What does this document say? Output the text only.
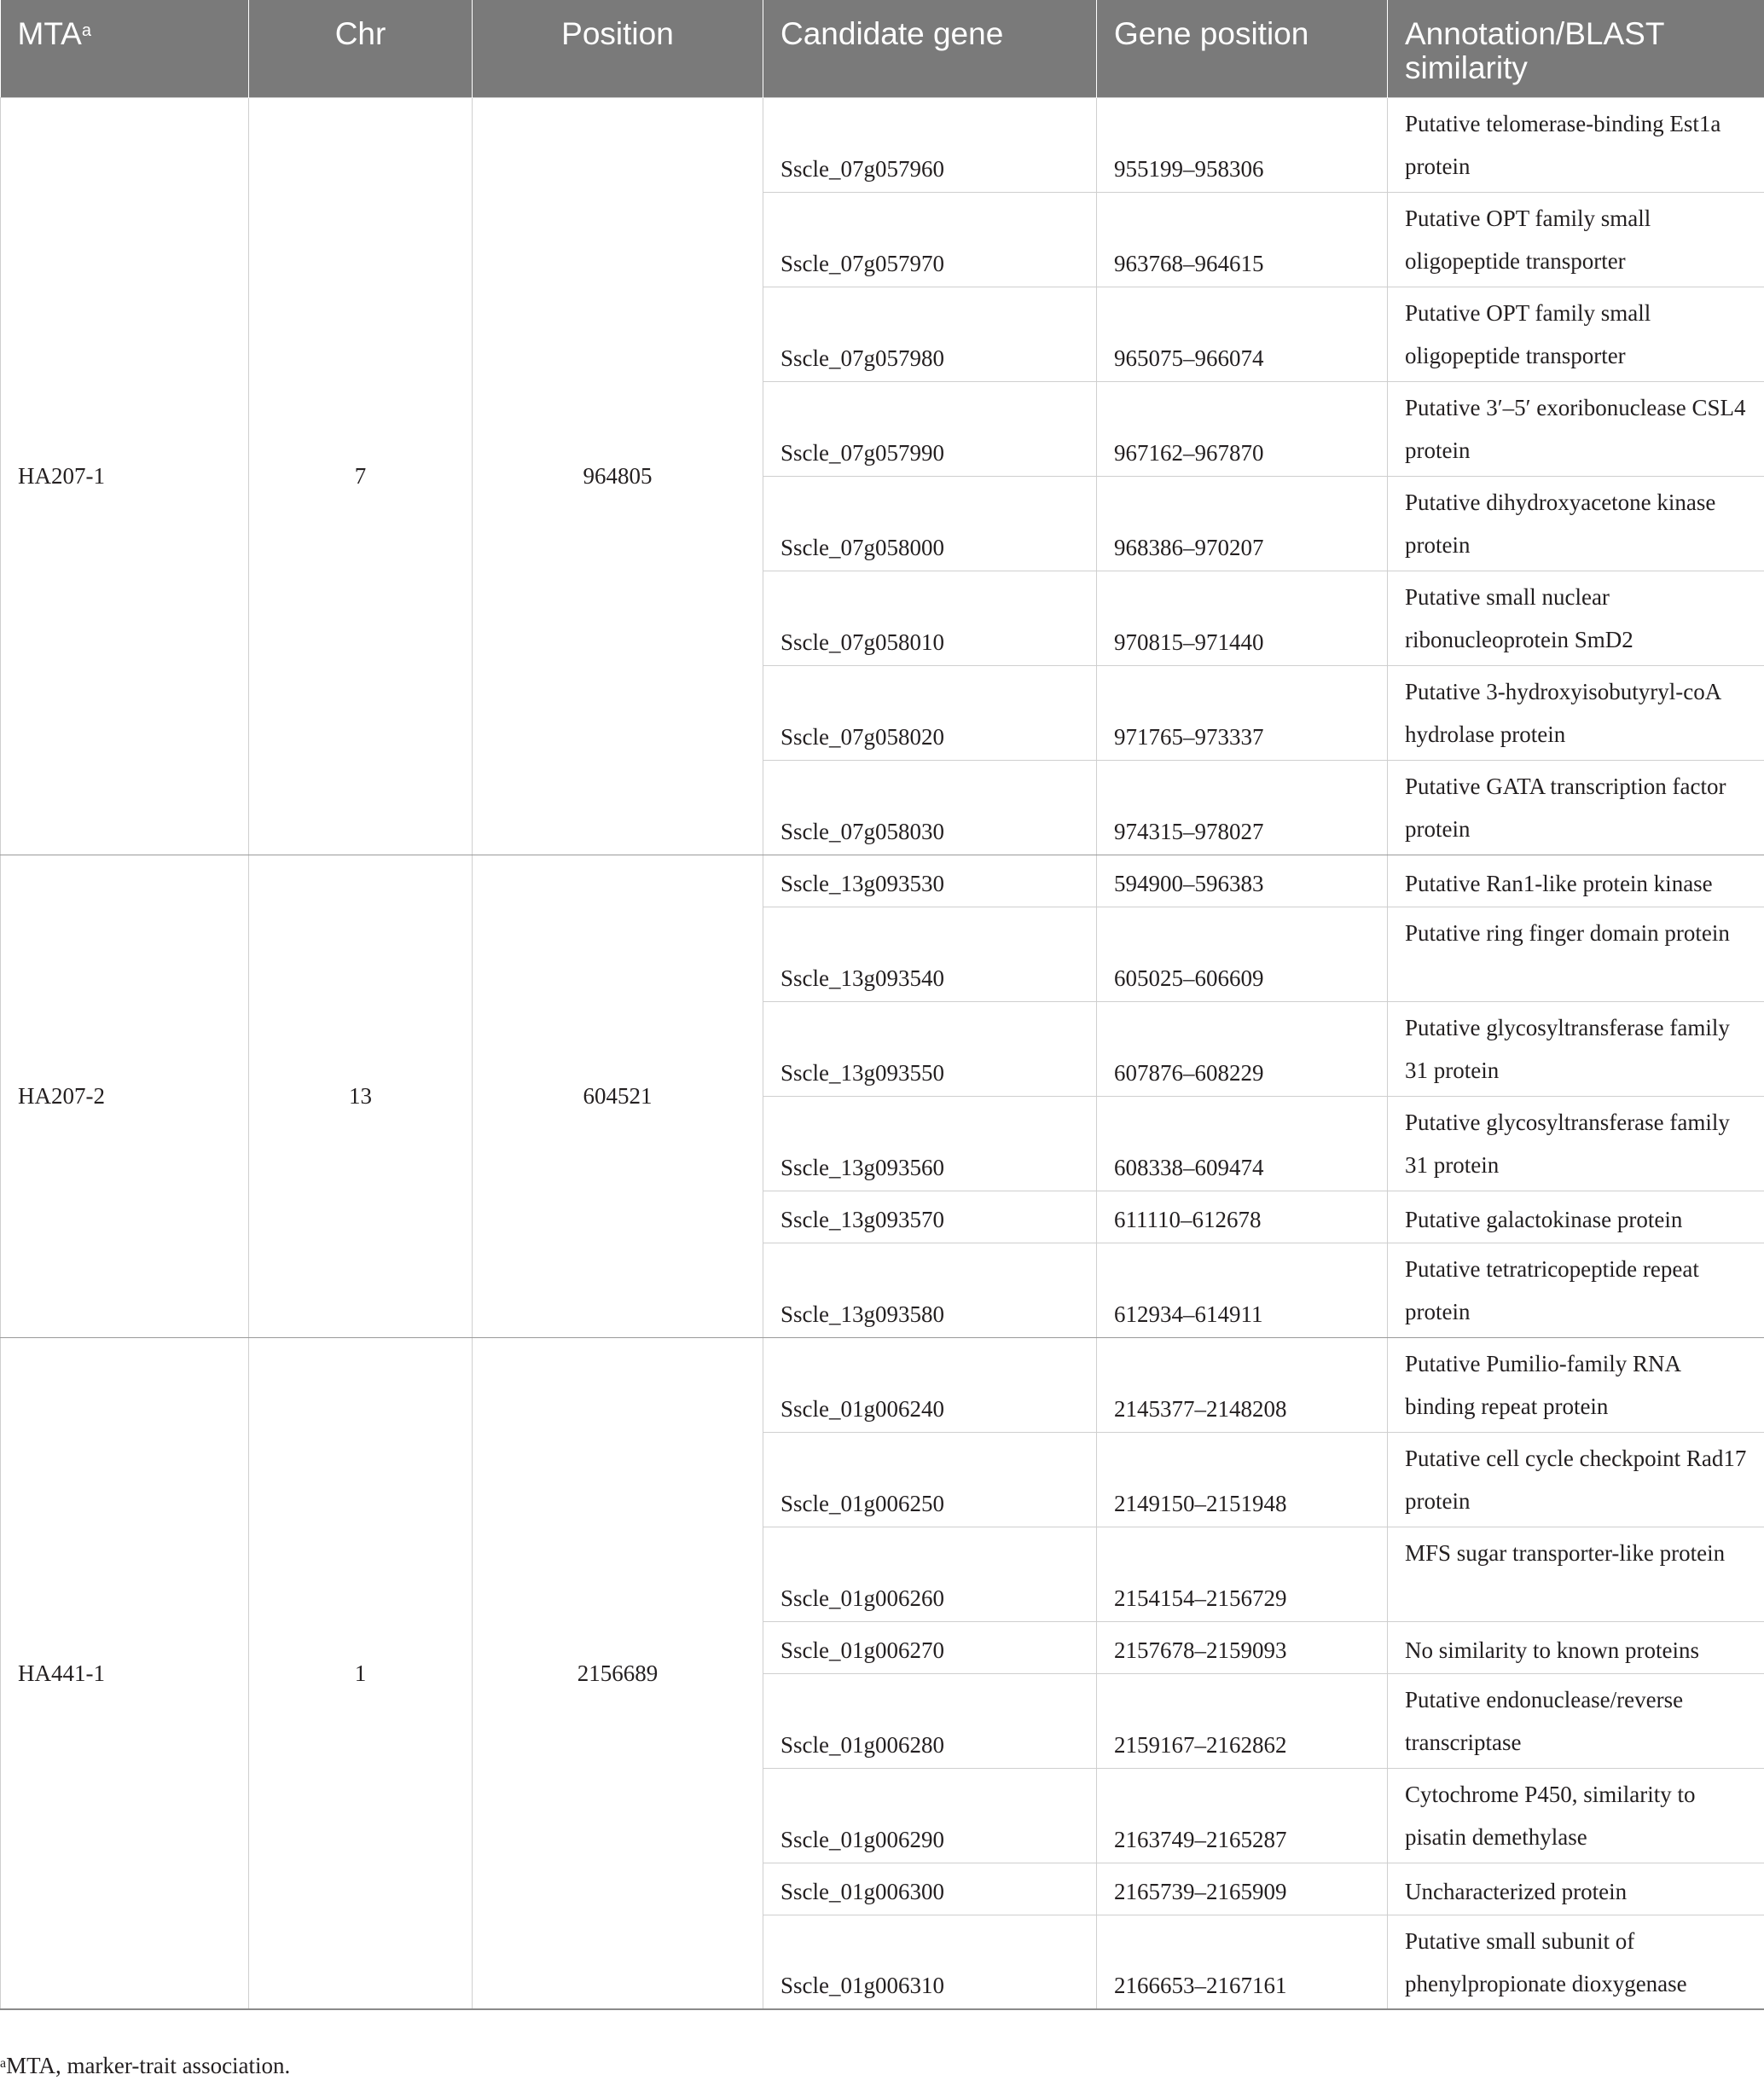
MTA$^a$	Chr	Position	Candidate gene	Gene position	Annotation/BLAST similarity
HA207-1	7	964805	Sscle_07g057960	955199–958306	Putative telomerase-binding Est1a protein
			Sscle_07g057970	963768–964615	Putative OPT family small oligopeptide transporter
			Sscle_07g057980	965075–966074	Putative OPT family small oligopeptide transporter
			Sscle_07g057990	967162–967870	Putative 3′–5′ exoribonuclease CSL4 protein
			Sscle_07g058000	968386–970207	Putative dihydroxyacetone kinase protein
			Sscle_07g058010	970815–971440	Putative small nuclear ribonucleoprotein SmD2
			Sscle_07g058020	971765–973337	Putative 3-hydroxyisobutyryl-coA hydrolase protein
			Sscle_07g058030	974315–978027	Putative GATA transcription factor protein
HA207-2	13	604521	Sscle_13g093530	594900–596383	Putative Ran1-like protein kinase
			Sscle_13g093540	605025–606609	Putative ring finger domain protein
			Sscle_13g093550	607876–608229	Putative glycosyltransferase family 31 protein
			Sscle_13g093560	608338–609474	Putative glycosyltransferase family 31 protein
			Sscle_13g093570	611110–612678	Putative galactokinase protein
			Sscle_13g093580	612934–614911	Putative tetratricopeptide repeat protein
HA441-1	1	2156689	Sscle_01g006240	2145377–2148208	Putative Pumilio-family RNA binding repeat protein
			Sscle_01g006250	2149150–2151948	Putative cell cycle checkpoint Rad17 protein
			Sscle_01g006260	2154154–2156729	MFS sugar transporter-like protein
			Sscle_01g006270	2157678–2159093	No similarity to known proteins
			Sscle_01g006280	2159167–2162862	Putative endonuclease/reverse transcriptase
			Sscle_01g006290	2163749–2165287	Cytochrome P450, similarity to pisatin demethylase
			Sscle_01g006300	2165739–2165909	Uncharacterized protein
			Sscle_01g006310	2166653–2167161	Putative small subunit of phenylpropionate dioxygenase
$^a$MTA, marker-trait association.
